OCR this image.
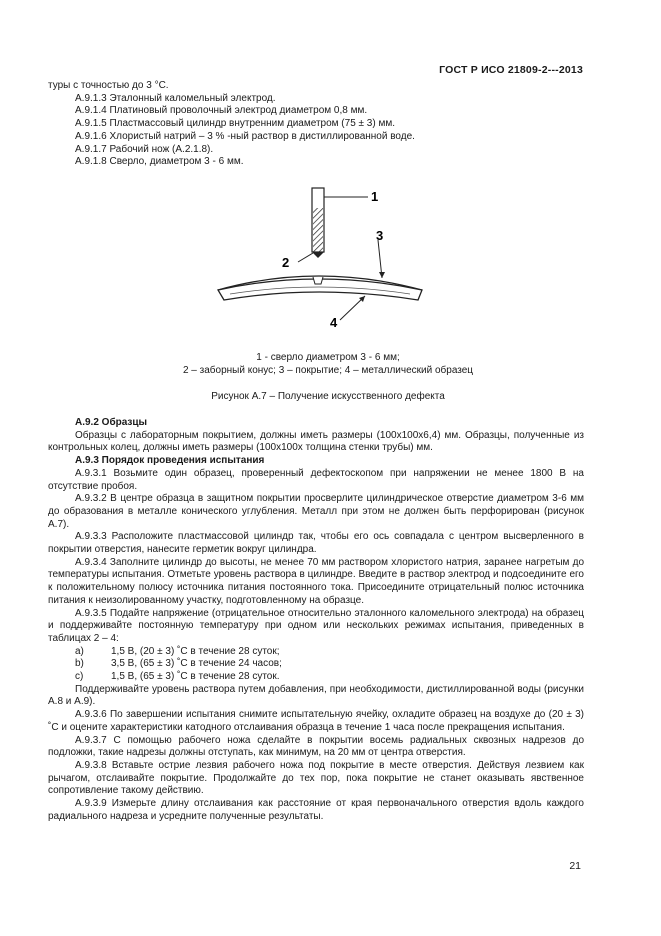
ГОСТ Р ИСО 21809-2---2013

туры с точностью до 3 °С.

А.9.1.3 Эталонный каломельный электрод.

А.9.1.4 Платиновый проволочный электрод диаметром 0,8 мм.

А.9.1.5 Пластмассовый цилиндр внутренним диаметром (75 ± 3) мм.

А.9.1.6 Хлористый натрий – 3 % -ный раствор в дистиллированной воде.

А.9.1.7 Рабочий нож (А.2.1.8).

А.9.1.8 Сверло, диаметром 3 - 6 мм.

1
2
3
4
1 - сверло диаметром 3 - 6 мм;
2 – заборный конус; 3 – покрытие; 4 – металлический образец
Рисунок А.7 – Получение искусственного дефекта

А.9.2 Образцы

Образцы с лабораторным покрытием, должны иметь размеры (100x100x6,4) мм. Образцы, полученные из контрольных колец, должны иметь размеры (100x100x толщина стенки трубы) мм.

А.9.3 Порядок проведения испытания

А.9.3.1 Возьмите один образец, проверенный дефектоскопом при напряжении не менее 1800 В на отсутствие пробоя.

А.9.3.2 В центре образца в защитном покрытии просверлите цилиндрическое отверстие диаметром 3-6 мм до образования в металле конического углубления. Металл при этом не должен быть перфорирован (рисунок А.7).

А.9.3.3 Расположите пластмассовой цилиндр так, чтобы его ось совпадала с центром высверленного в покрытии отверстия, нанесите герметик вокруг цилиндра.

А.9.3.4 Заполните цилиндр до высоты, не менее 70 мм раствором хлористого натрия, заранее нагретым до температуры испытания. Отметьте уровень раствора в цилиндре. Введите в раствор электрод и подсоедините его к положительному полюсу источника питания постоянного тока. Присоедините отрицательный полюс источника питания к неизолированному участку, подготовленному на образце.

А.9.3.5 Подайте напряжение (отрицательное относительно эталонного каломельного электрода) на образец и поддерживайте постоянную температуру при одном или нескольких режимах испытания, приведенных в таблицах 2 – 4:

a)	1,5 В, (20 ± 3) ˚С в течение 28 суток;
b)	3,5 В, (65 ± 3) ˚С в течение 24 часов;
c)	1,5 В, (65 ± 3) ˚С в течение 28 суток.

Поддерживайте уровень раствора путем добавления, при необходимости, дистиллированной воды (рисунки А.8 и А.9).

А.9.3.6 По завершении испытания снимите испытательную ячейку, охладите образец на воздухе до (20 ± 3) ˚С и оцените характеристики катодного отслаивания образца в течение 1 часа после прекращения испытания.

А.9.3.7 С помощью рабочего ножа сделайте в покрытии восемь радиальных сквозных надрезов до подложки, такие надрезы должны отступать, как минимум, на 20 мм от центра отверстия.

А.9.3.8 Вставьте острие лезвия рабочего ножа под покрытие в месте отверстия. Действуя лезвием как рычагом, отслаивайте покрытие. Продолжайте до тех пор, пока покрытие не станет оказывать явственное сопротивление такому действию.

А.9.3.9 Измерьте длину отслаивания как расстояние от края первоначального отверстия вдоль каждого радиального надреза и усредните полученные результаты.

21
